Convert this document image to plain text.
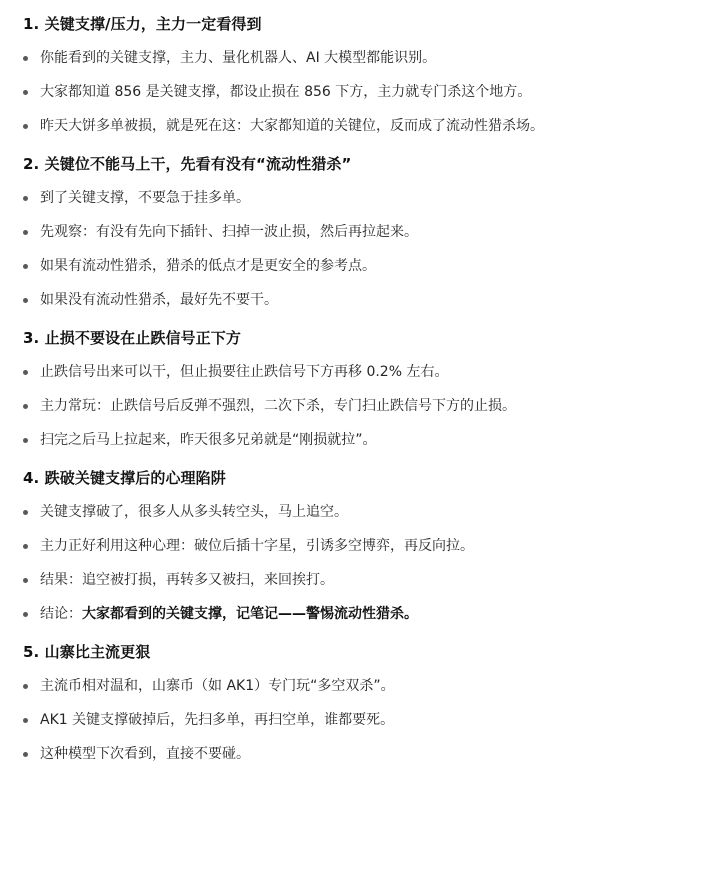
1. 关键支撑/压力，主力一定看得到
你能看到的关键支撑，主力、量化机器人、AI 大模型都能识别。
大家都知道 856 是关键支撑，都设止损在 856 下方，主力就专门杀这个地方。
昨天大饼多单被损，就是死在这：大家都知道的关键位，反而成了流动性猎杀场。
2. 关键位不能马上干，先看有没有“流动性猎杀”
到了关键支撑，不要急于挂多单。
先观察：有没有先向下插针、扫掉一波止损，然后再拉起来。
如果有流动性猎杀，猎杀的低点才是更安全的参考点。
如果没有流动性猎杀，最好先不要干。
3. 止损不要设在止跌信号正下方
止跌信号出来可以干，但止损要往止跌信号下方再移 0.2% 左右。
主力常玩：止跌信号后反弹不强烈，二次下杀，专门扫止跌信号下方的止损。
扫完之后马上拉起来，昨天很多兄弟就是“刚损就拉”。
4. 跌破关键支撑后的心理陷阱
关键支撑破了，很多人从多头转空头，马上追空。
主力正好利用这种心理：破位后插十字星，引诱多空博弈，再反向拉。
结果：追空被打损，再转多又被扫，来回挨打。
结论：大家都看到的关键支撑，记笔记——警惕流动性猎杀。
5. 山寨比主流更狠
主流币相对温和，山寨币（如 AK1）专门玩“多空双杀”。
AK1 关键支撑破掉后，先扫多单，再扫空单，谁都要死。
这种模型下次看到，直接不要碰。
